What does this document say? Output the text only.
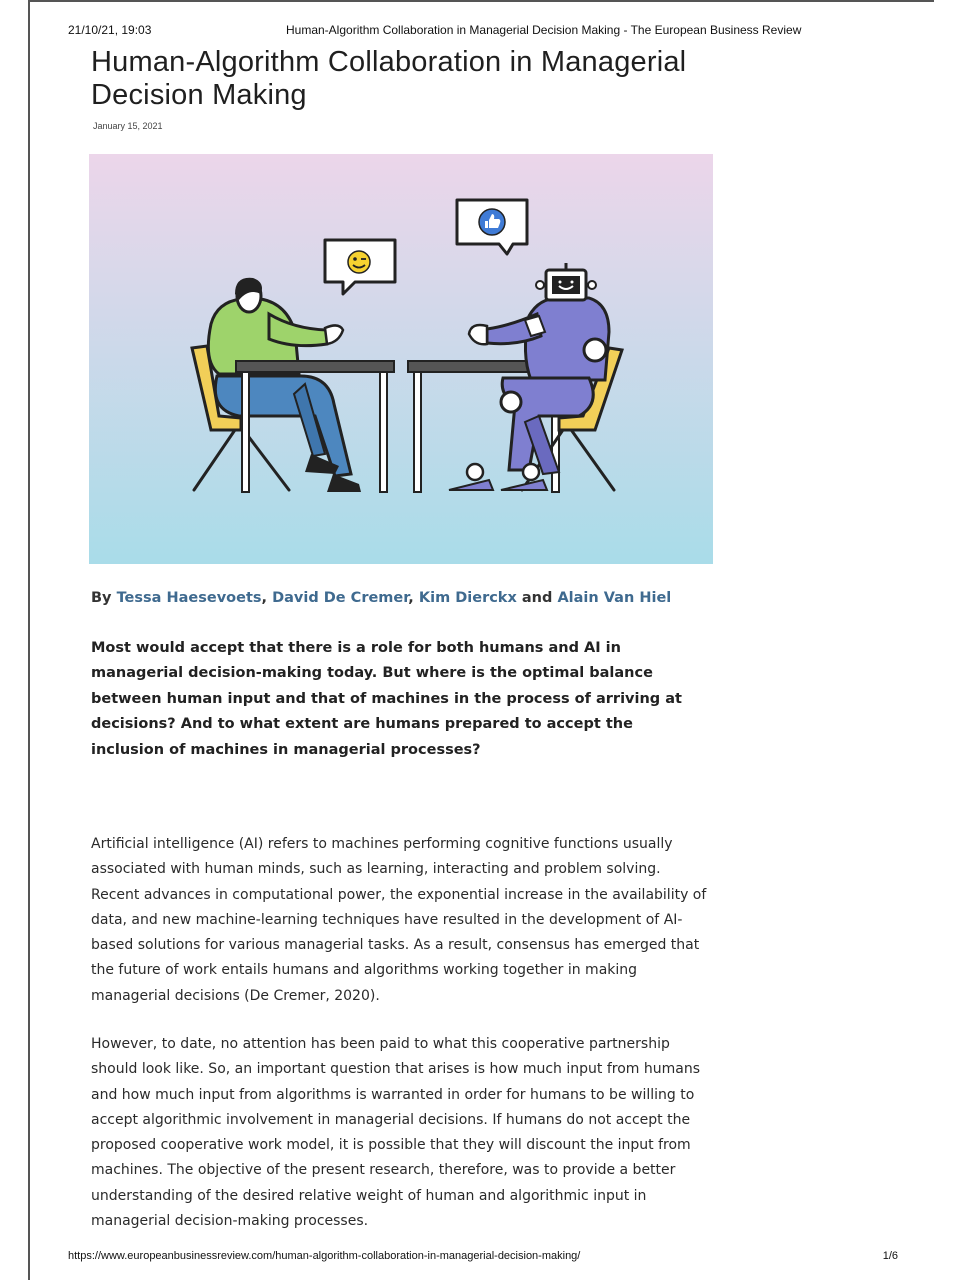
21/10/21, 19:03	Human-Algorithm Collaboration in Managerial Decision Making - The European Business Review
Human-Algorithm Collaboration in Managerial Decision Making
January 15, 2021
By Tessa Haesevoets, David De Cremer, Kim Dierckx and Alain Van Hiel

Most would accept that there is a role for both humans and AI in managerial decision-making today. But where is the optimal balance between human input and that of machines in the process of arriving at decisions? And to what extent are humans prepared to accept the inclusion of machines in managerial processes?

Artificial intelligence (AI) refers to machines performing cognitive functions usually associated with human minds, such as learning, interacting and problem solving. Recent advances in computational power, the exponential increase in the availability of data, and new machine-learning techniques have resulted in the development of AI-based solutions for various managerial tasks. As a result, consensus has emerged that the future of work entails humans and algorithms working together in making managerial decisions (De Cremer, 2020).

However, to date, no attention has been paid to what this cooperative partnership should look like. So, an important question that arises is how much input from humans and how much input from algorithms is warranted in order for humans to be willing to accept algorithmic involvement in managerial decisions. If humans do not accept the proposed cooperative work model, it is possible that they will discount the input from machines. The objective of the present research, therefore, was to provide a better understanding of the desired relative weight of human and algorithmic input in managerial decision-making processes.

https://www.europeanbusinessreview.com/human-algorithm-collaboration-in-managerial-decision-making/	1/6
